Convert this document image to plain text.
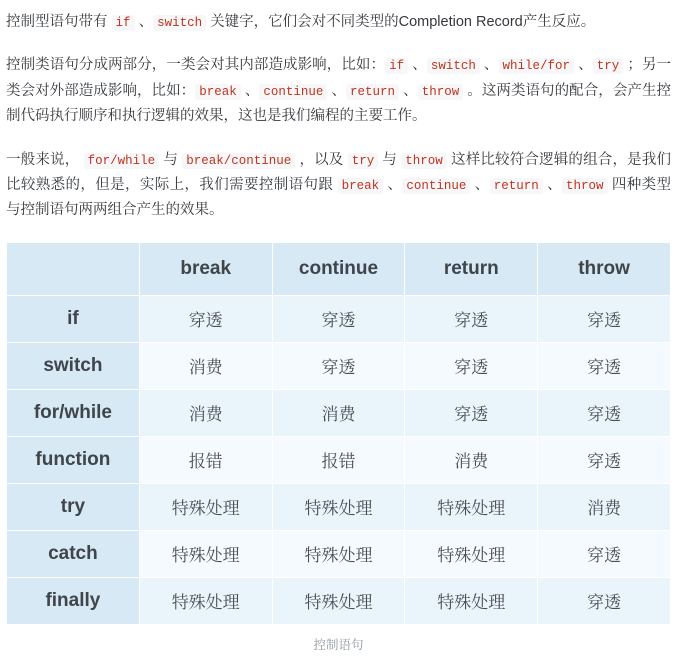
控制型语句带有 if 、 switch 关键字，它们会对不同类型的Completion Record产生反应。

控制类语句分成两部分，一类会对其内部造成影响，比如： if 、 switch 、 while/for 、 try ；另一类会对外部造成影响，比如： break 、 continue 、 return 、 throw 。这两类语句的配合，会产生控制代码执行顺序和执行逻辑的效果，这也是我们编程的主要工作。

一般来说， for/while 与 break/continue ，以及 try 与 throw 这样比较符合逻辑的组合，是我们比较熟悉的，但是，实际上，我们需要控制语句跟 break 、 continue 、 return 、 throw 四种类型与控制语句两两组合产生的效果。

	break	continue	return	throw
if	穿透	穿透	穿透	穿透
switch	消费	穿透	穿透	穿透
for/while	消费	消费	穿透	穿透
function	报错	报错	消费	穿透
try	特殊处理	特殊处理	特殊处理	消费
catch	特殊处理	特殊处理	特殊处理	穿透
finally	特殊处理	特殊处理	特殊处理	穿透
控制语句
